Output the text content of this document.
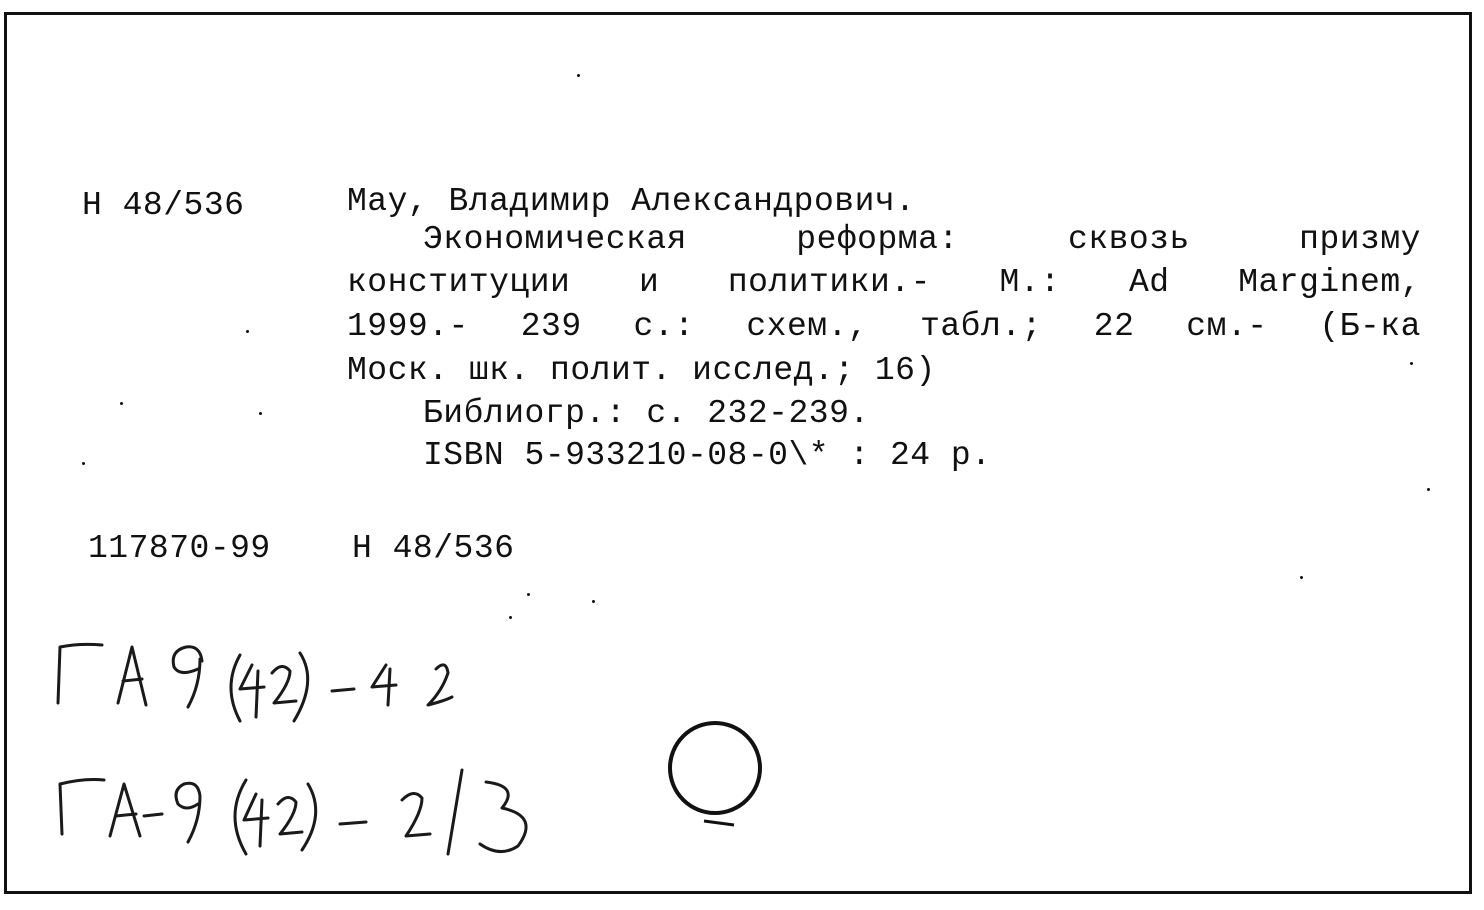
Н 48/536	Мау, Владимир Александрович.
Экономическая	реформа:	сквозь	призму
конституции и политики.- М.: Ad Marginem,
1999.- 239 с.: схем., табл.; 22 см.- (Б-ка
Моск. шк. полит. исслед.; 16)
Библиогр.: с. 232-239.
ISBN 5-933210-08-0\* : 24 р.
117870-99 Н 48/536
